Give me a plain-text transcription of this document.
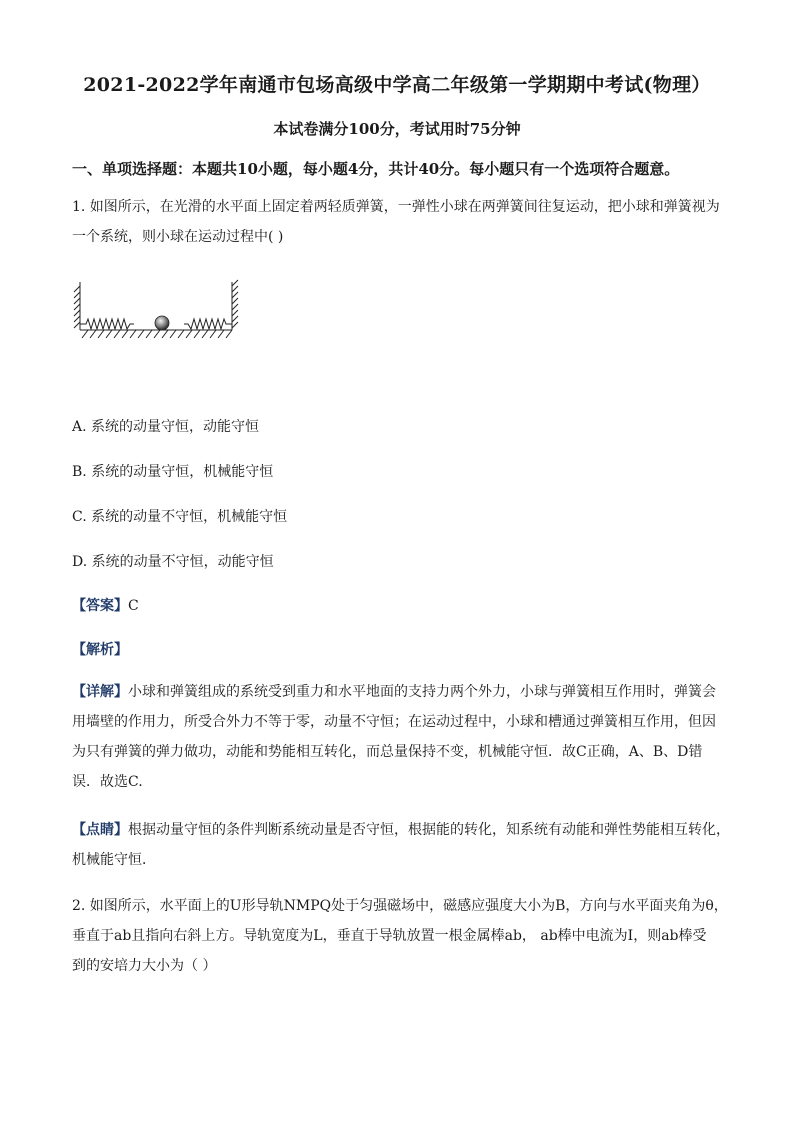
2021-2022学年南通市包场高级中学高二年级第一学期期中考试(物理）
本试卷满分100分，考试用时75分钟
一、单项选择题：本题共10小题，每小题4分，共计40分。每小题只有一个选项符合题意。
1. 如图所示，在光滑的水平面上固定着两轻质弹簧，一弹性小球在两弹簧间往复运动，把小球和弹簧视为
一个系统，则小球在运动过程中( )
A. 系统的动量守恒，动能守恒
B. 系统的动量守恒，机械能守恒
C. 系统的动量不守恒，机械能守恒
D. 系统的动量不守恒，动能守恒
【答案】C
【解析】
【详解】小球和弹簧组成的系统受到重力和水平地面的支持力两个外力，小球与弹簧相互作用时，弹簧会
用墙壁的作用力，所受合外力不等于零，动量不守恒；在运动过程中，小球和槽通过弹簧相互作用，但因
为只有弹簧的弹力做功，动能和势能相互转化，而总量保持不变，机械能守恒．故C正确，A、B、D错
误．故选C.
【点睛】根据动量守恒的条件判断系统动量是否守恒，根据能的转化，知系统有动能和弹性势能相互转化，
机械能守恒．
2. 如图所示，水平面上的U形导轨NMPQ处于匀强磁场中，磁感应强度大小为B，方向与水平面夹角为θ，
垂直于ab且指向右斜上方。导轨宽度为L，垂直于导轨放置一根金属棒ab， ab棒中电流为I，则ab棒受
到的安培力大小为（ ）
